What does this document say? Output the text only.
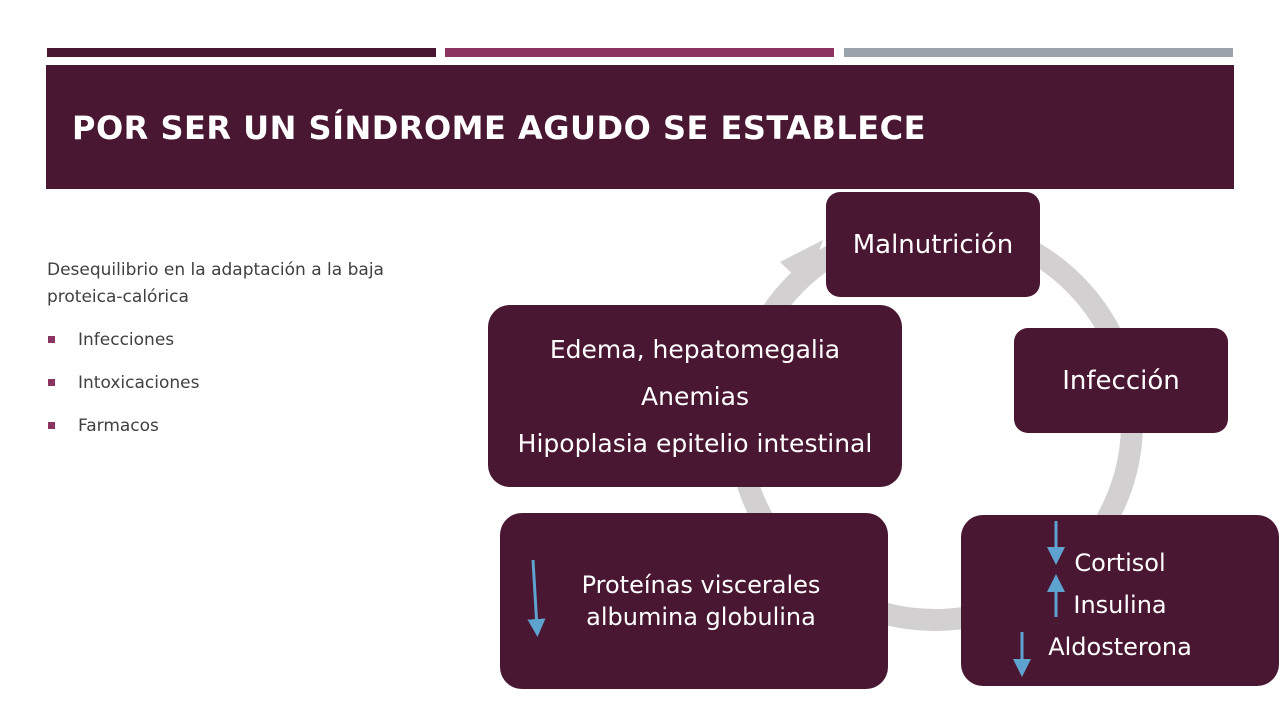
POR SER UN SÍNDROME AGUDO SE ESTABLECE

Desequilibrio en la adaptación a la baja proteica-calórica

Infecciones
Intoxicaciones
Farmacos

Malnutrición

Infección

Cortisol

Insulina

Aldosterona

Proteínas viscerales

albumina globulina

Edema, hepatomegalia

Anemias

Hipoplasia epitelio intestinal
